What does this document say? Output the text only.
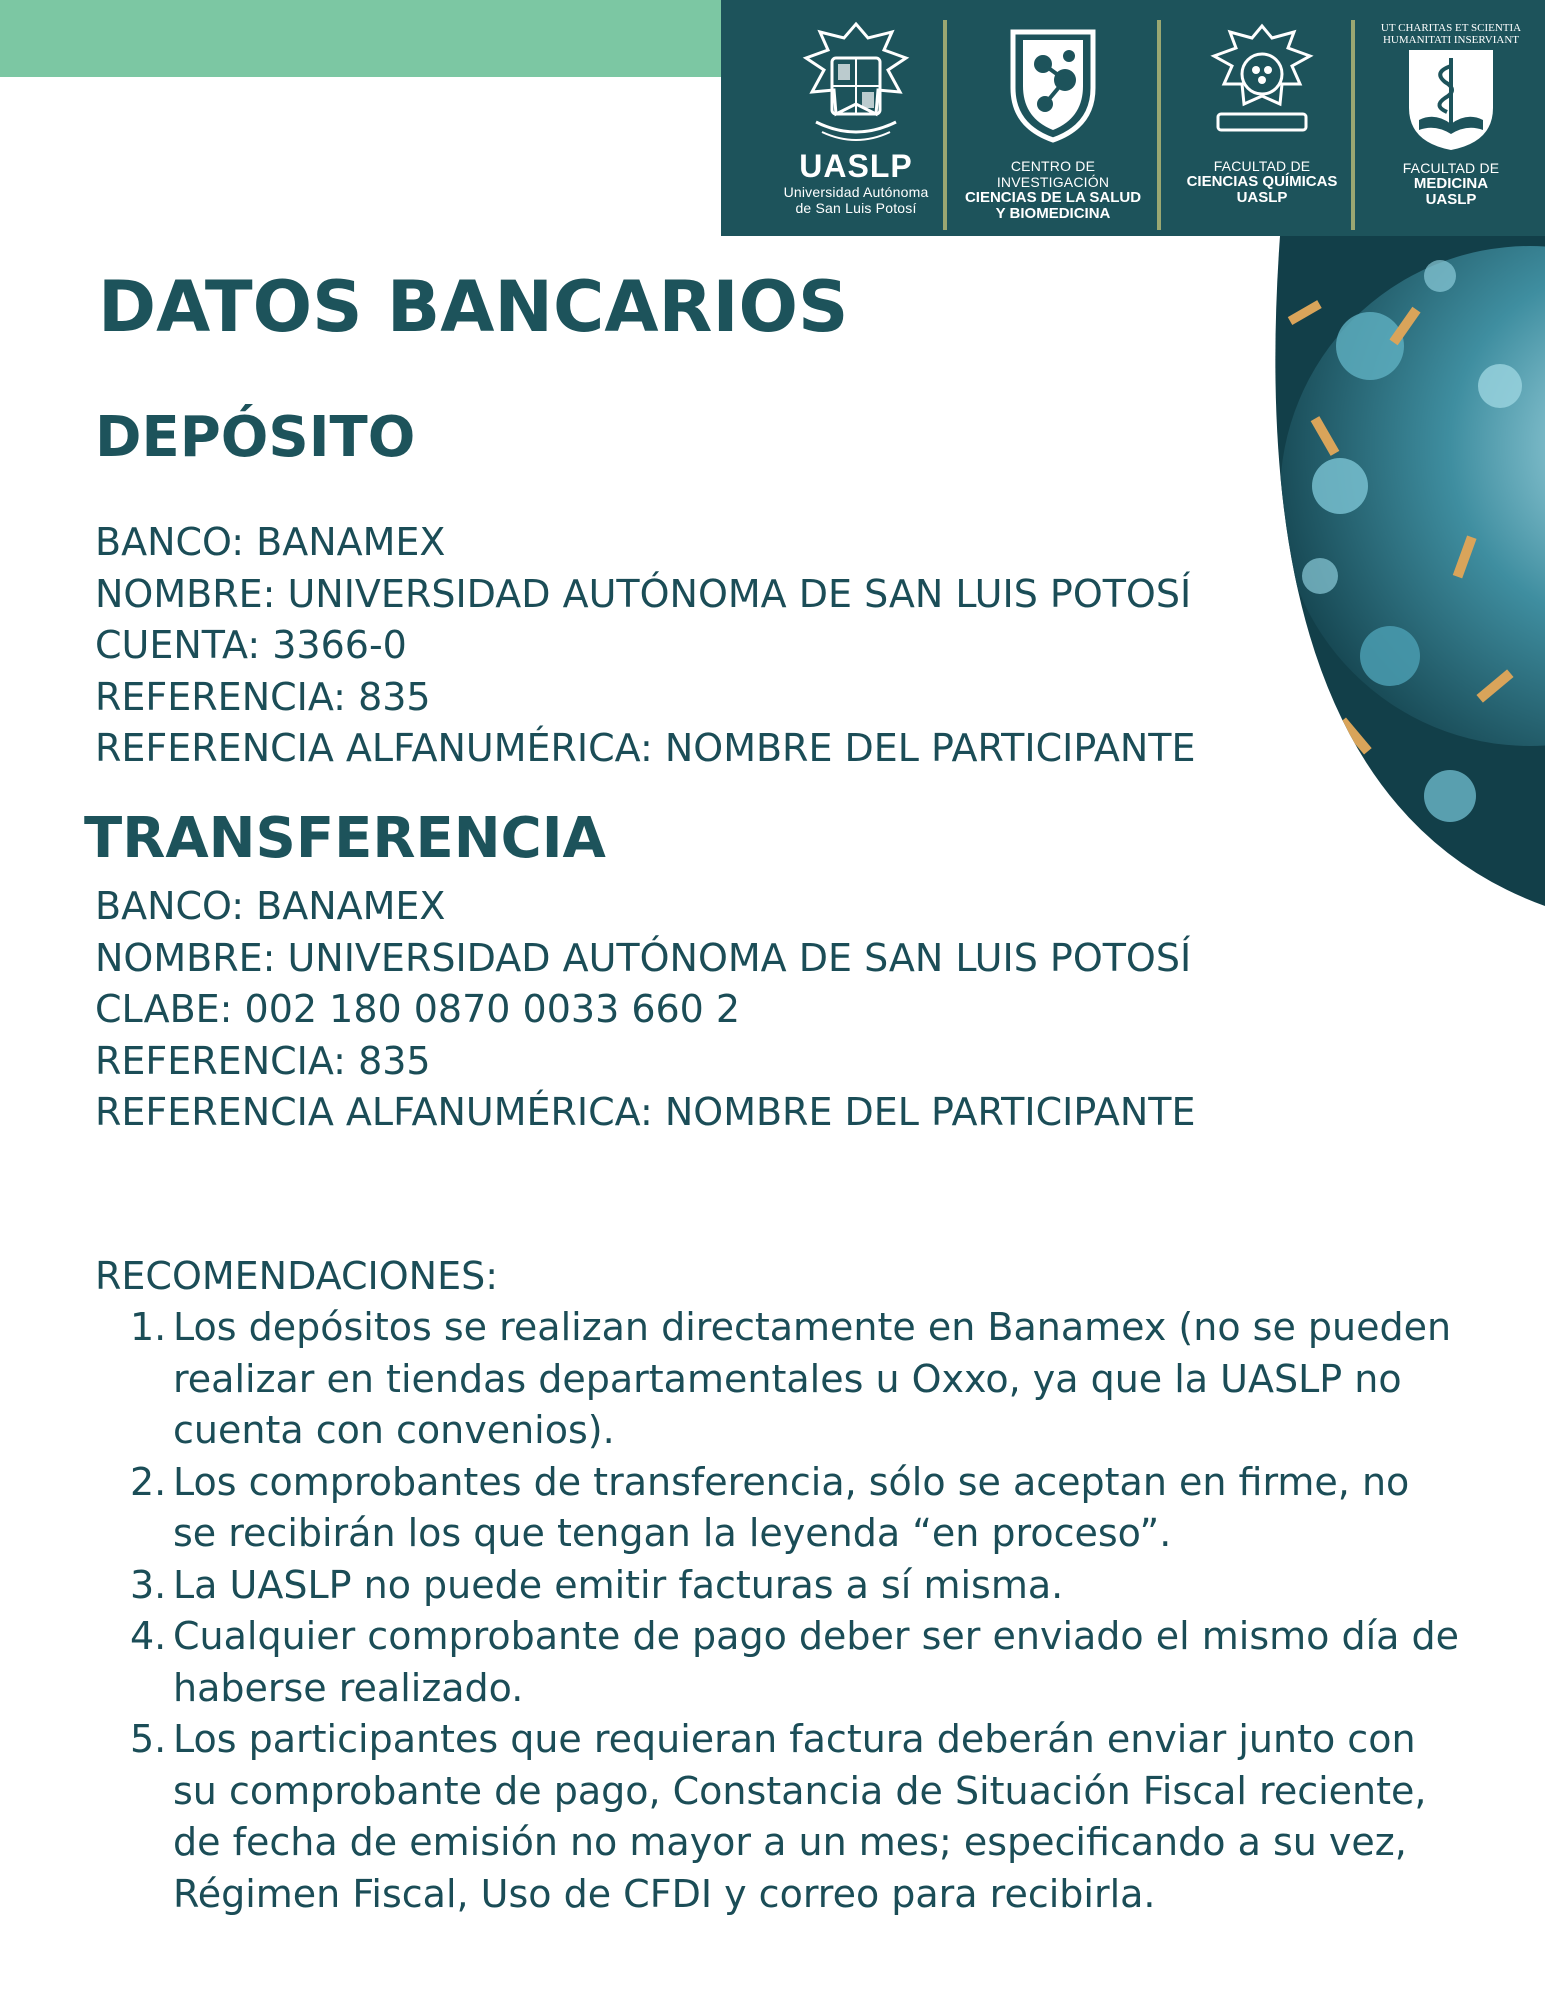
UASLP
Universidad Autónoma
de San Luis Potosí
CENTRO DE INVESTIGACIÓN
CIENCIAS DE LA SALUD
Y BIOMEDICINA
FACULTAD DE
CIENCIAS QUÍMICAS
UASLP
UT CHARITAS ET SCIENTIA
HUMANITATI INSERVIANT
FACULTAD DE
MEDICINA
UASLP
DATOS BANCARIOS
DEPÓSITO
BANCO: BANAMEX
NOMBRE: UNIVERSIDAD AUTÓNOMA DE SAN LUIS POTOSÍ
CUENTA: 3366-0
REFERENCIA: 835
REFERENCIA ALFANUMÉRICA: NOMBRE DEL PARTICIPANTE
TRANSFERENCIA
BANCO: BANAMEX
NOMBRE: UNIVERSIDAD AUTÓNOMA DE SAN LUIS POTOSÍ
CLABE: 002 180 0870 0033 660 2
REFERENCIA: 835
REFERENCIA ALFANUMÉRICA: NOMBRE DEL PARTICIPANTE
RECOMENDACIONES:
1. Los depósitos se realizan directamente en Banamex (no se pueden
realizar en tiendas departamentales u Oxxo, ya que la UASLP no
cuenta con convenios).
2. Los comprobantes de transferencia, sólo se aceptan en firme, no
se recibirán los que tengan la leyenda “en proceso”.
3. La UASLP no puede emitir facturas a sí misma.
4. Cualquier comprobante de pago deber ser enviado el mismo día de
haberse realizado.
5. Los participantes que requieran factura deberán enviar junto con
su comprobante de pago, Constancia de Situación Fiscal reciente,
de fecha de emisión no mayor a un mes; especificando a su vez,
Régimen Fiscal, Uso de CFDI y correo para recibirla.
